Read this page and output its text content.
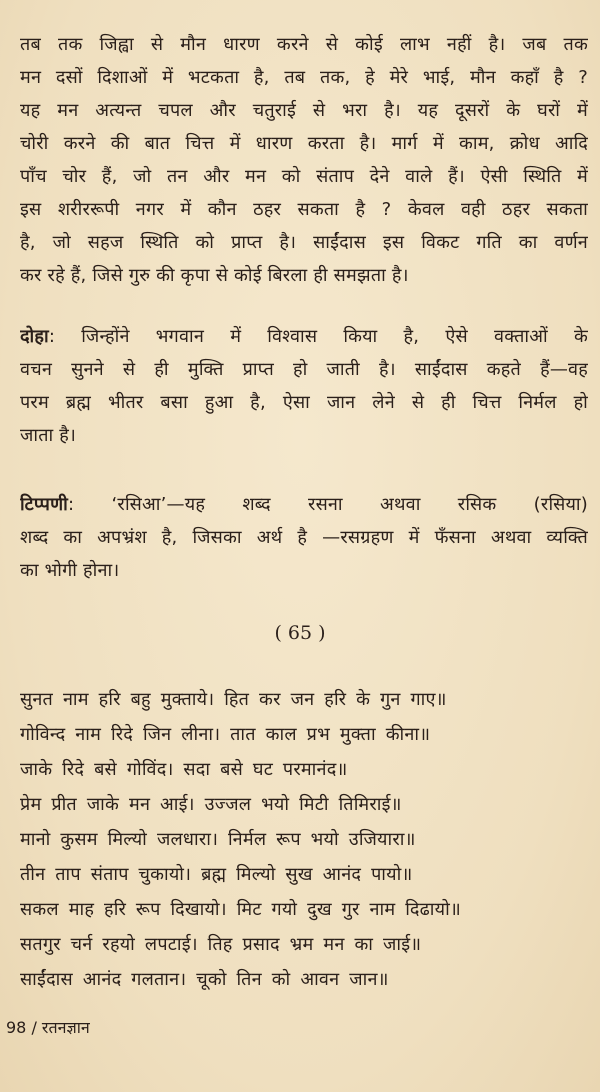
तब तक जिह्वा से मौन धारण करने से कोई लाभ नहीं है। जब तक
मन दसों दिशाओं में भटकता है, तब तक, हे मेरे भाई, मौन कहाँ है ?
यह मन अत्यन्त चपल और चतुराई से भरा है। यह दूसरों के घरों में
चोरी करने की बात चित्त में धारण करता है। मार्ग में काम, क्रोध आदि
पाँच चोर हैं, जो तन और मन को संताप देने वाले हैं। ऐसी स्थिति में
इस शरीररूपी नगर में कौन ठहर सकता है ? केवल वही ठहर सकता
है, जो सहज स्थिति को प्राप्त है। साईंदास इस विकट गति का वर्णन
कर रहे हैं, जिसे गुरु की कृपा से कोई बिरला ही समझता है।
दोहा: जिन्होंने भगवान में विश्वास किया है, ऐसे वक्ताओं के
वचन सुनने से ही मुक्ति प्राप्त हो जाती है। साईंदास कहते हैं—वह
परम ब्रह्म भीतर बसा हुआ है, ऐसा जान लेने से ही चित्त निर्मल हो
जाता है।
टिप्पणी: ‘रसिआ’—यह शब्द रसना अथवा रसिक (रसिया)
शब्द का अपभ्रंश है, जिसका अर्थ है —रसग्रहण में फँसना अथवा व्यक्ति
का भोगी होना।
( 65 )
सुनत नाम हरि बहु मुक्ताये। हित कर जन हरि के गुन गाए॥
गोविन्द नाम रिदे जिन लीना। तात काल प्रभ मुक्ता कीना॥
जाके रिदे बसे गोविंद। सदा बसे घट परमानंद॥
प्रेम प्रीत जाके मन आई। उज्जल भयो मिटी तिमिराई॥
मानो कुसम मिल्यो जलधारा। निर्मल रूप भयो उजियारा॥
तीन ताप संताप चुकायो। ब्रह्म मिल्यो सुख आनंद पायो॥
सकल माह हरि रूप दिखायो। मिट गयो दुख गुर नाम दिढायो॥
सतगुर चर्न रहयो लपटाई। तिह प्रसाद भ्रम मन का जाई॥
साईंदास आनंद गलतान। चूको तिन को आवन जान॥
98 / रतनज्ञान
